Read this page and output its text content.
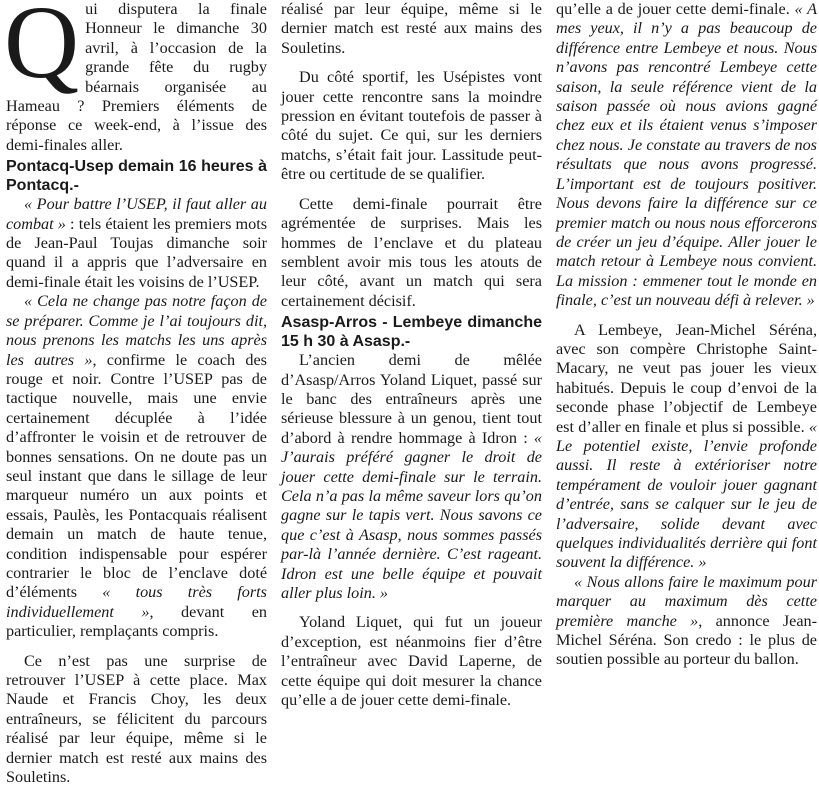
Qui disputera la finale Honneur le dimanche 30 avril, à l’occasion de la grande fête du rugby béarnais organisée au Hameau ? Premiers éléments de réponse ce week-end, à l’issue des demi-finales aller.

Pontacq-Usep demain 16 heures à Pontacq.-

« Pour battre l’USEP, il faut aller au combat » : tels étaient les premiers mots de Jean-Paul Toujas dimanche soir quand il a appris que l’adversaire en demi-finale était les voisins de l’USEP.

« Cela ne change pas notre façon de se préparer. Comme je l’ai toujours dit, nous prenons les matchs les uns après les autres », confirme le coach des rouge et noir. Contre l’USEP pas de tactique nouvelle, mais une envie certainement décuplée à l’idée d’affronter le voisin et de retrouver de bonnes sensations. On ne doute pas un seul instant que dans le sillage de leur marqueur numéro un aux points et essais, Paulès, les Pontacquais réalisent demain un match de haute tenue, condition indispensable pour espérer contrarier le bloc de l’enclave doté d’éléments « tous très forts individuellement », devant en particulier, remplaçants compris.

Ce n’est pas une surprise de retrouver l’USEP à cette place. Max Naude et Francis Choy, les deux entraîneurs, se félicitent du parcours réalisé par leur équipe, même si le dernier match est resté aux mains des Souletins.

réalisé par leur équipe, même si le dernier match est resté aux mains des Souletins.

Du côté sportif, les Usépistes vont jouer cette rencontre sans la moindre pression en évitant toutefois de passer à côté du sujet. Ce qui, sur les derniers matchs, s’était fait jour. Lassitude peut-être ou certitude de se qualifier.

Cette demi-finale pourrait être agrémentée de surprises. Mais les hommes de l’enclave et du plateau semblent avoir mis tous les atouts de leur côté, avant un match qui sera certainement décisif.

Asasp-Arros - Lembeye dimanche 15 h 30 à Asasp.-

L’ancien demi de mêlée d’Asasp/Arros Yoland Liquet, passé sur le banc des entraîneurs après une sérieuse blessure à un genou, tient tout d’abord à rendre hommage à Idron : « J’aurais préféré gagner le droit de jouer cette demi-finale sur le terrain. Cela n’a pas la même saveur lors qu’on gagne sur le tapis vert. Nous savons ce que c’est à Asasp, nous sommes passés par-là l’année dernière. C’est rageant. Idron est une belle équipe et pouvait aller plus loin. »

Yoland Liquet, qui fut un joueur d’exception, est néanmoins fier d’être l’entraîneur avec David Laperne, de cette équipe qui doit mesurer la chance qu’elle a de jouer cette demi-finale.

qu’elle a de jouer cette demi-finale. « A mes yeux, il n’y a pas beaucoup de différence entre Lembeye et nous. Nous n’avons pas rencontré Lembeye cette saison, la seule référence vient de la saison passée où nous avions gagné chez eux et ils étaient venus s’imposer chez nous. Je constate au travers de nos résultats que nous avons progressé. L’important est de toujours positiver. Nous devons faire la différence sur ce premier match ou nous nous efforcerons de créer un jeu d’équipe. Aller jouer le match retour à Lembeye nous convient. La mission : emmener tout le monde en finale, c’est un nouveau défi à relever. »

A Lembeye, Jean-Michel Séréna, avec son compère Christophe Saint-Macary, ne veut pas jouer les vieux habitués. Depuis le coup d’envoi de la seconde phase l’objectif de Lembeye est d’aller en finale et plus si possible. « Le potentiel existe, l’envie profonde aussi. Il reste à extérioriser notre tempérament de vouloir jouer gagnant d’entrée, sans se calquer sur le jeu de l’adversaire, solide devant avec quelques individualités derrière qui font souvent la différence. »

« Nous allons faire le maximum pour marquer au maximum dès cette première manche », annonce Jean-Michel Séréna. Son credo : le plus de soutien possible au porteur du ballon.
